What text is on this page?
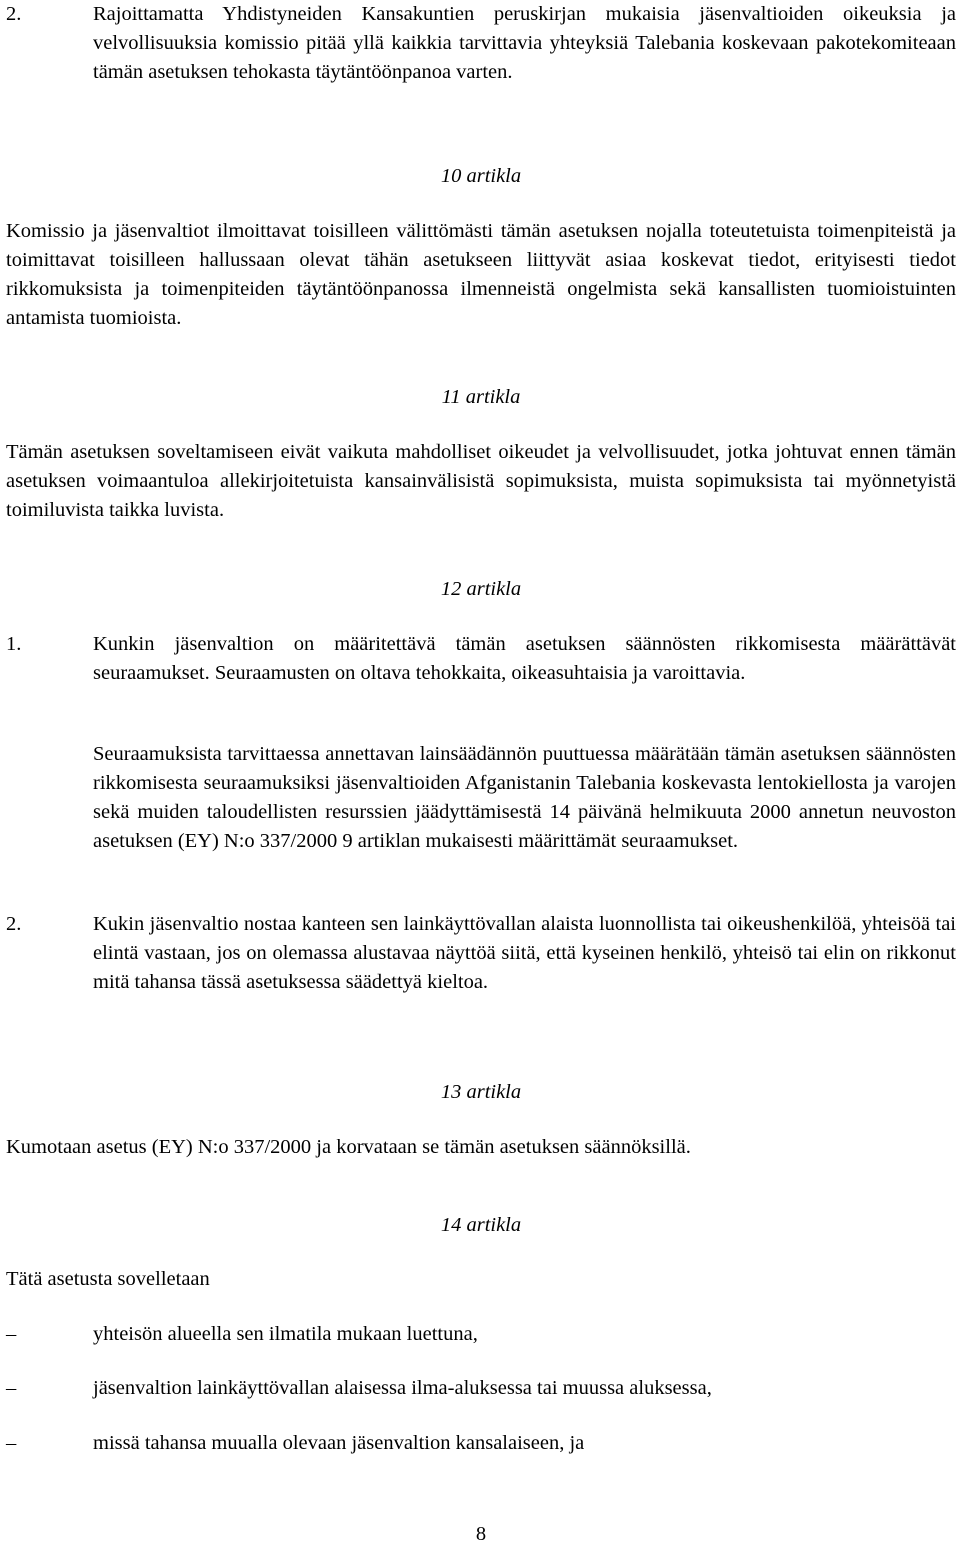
2.	Rajoittamatta Yhdistyneiden Kansakuntien peruskirjan mukaisia jäsenvaltioiden oikeuksia ja velvollisuuksia komissio pitää yllä kaikkia tarvittavia yhteyksiä Talebania koskevaan pakotekomiteaan tämän asetuksen tehokasta täytäntöönpanoa varten.
10 artikla
Komissio ja jäsenvaltiot ilmoittavat toisilleen välittömästi tämän asetuksen nojalla toteutetuista toimenpiteistä ja toimittavat toisilleen hallussaan olevat tähän asetukseen liittyvät asiaa koskevat tiedot, erityisesti tiedot rikkomuksista ja toimenpiteiden täytäntöönpanossa ilmenneistä ongelmista sekä kansallisten tuomioistuinten antamista tuomioista.
11 artikla
Tämän asetuksen soveltamiseen eivät vaikuta mahdolliset oikeudet ja velvollisuudet, jotka johtuvat ennen tämän asetuksen voimaantuloa allekirjoitetuista kansainvälisistä sopimuksista, muista sopimuksista tai myönnetyistä toimiluvista taikka luvista.
12 artikla
1.	Kunkin jäsenvaltion on määritettävä tämän asetuksen säännösten rikkomisesta määrättävät seuraamukset. Seuraamusten on oltava tehokkaita, oikeasuhtaisia ja varoittavia.
Seuraamuksista tarvittaessa annettavan lainsäädännön puuttuessa määrätään tämän asetuksen säännösten rikkomisesta seuraamuksiksi jäsenvaltioiden Afganistanin Talebania koskevasta lentokiellosta ja varojen sekä muiden taloudellisten resurssien jäädyttämisestä 14 päivänä helmikuuta 2000 annetun neuvoston asetuksen (EY) N:o 337/2000 9 artiklan mukaisesti määrittämät seuraamukset.
2.	Kukin jäsenvaltio nostaa kanteen sen lainkäyttövallan alaista luonnollista tai oikeushenkilöä, yhteisöä tai elintä vastaan, jos on olemassa alustavaa näyttöä siitä, että kyseinen henkilö, yhteisö tai elin on rikkonut mitä tahansa tässä asetuksessa säädettyä kieltoa.
13 artikla
Kumotaan asetus (EY) N:o 337/2000 ja korvataan se tämän asetuksen säännöksillä.
14 artikla
Tätä asetusta sovelletaan
–	yhteisön alueella sen ilmatila mukaan luettuna,
–	jäsenvaltion lainkäyttövallan alaisessa ilma-aluksessa tai muussa aluksessa,
–	missä tahansa muualla olevaan jäsenvaltion kansalaiseen, ja
8
